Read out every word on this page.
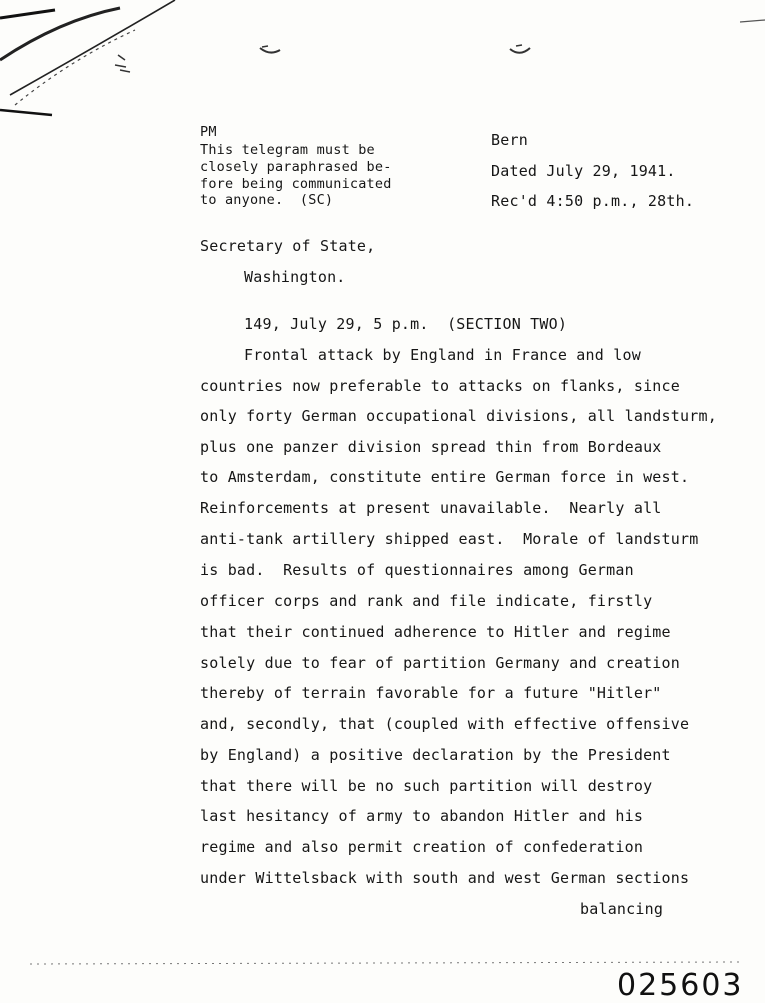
PM
This telegram must be
closely paraphrased be-
fore being communicated
to anyone.  (SC)
Bern
Dated July 29, 1941.
Rec'd 4:50 p.m., 28th.
Secretary of State,
Washington.
149, July 29, 5 p.m.  (SECTION TWO)
Frontal attack by England in France and low
countries now preferable to attacks on flanks, since
only forty German occupational divisions, all landsturm,
plus one panzer division spread thin from Bordeaux
to Amsterdam, constitute entire German force in west.
Reinforcements at present unavailable.  Nearly all
anti-tank artillery shipped east.  Morale of landsturm
is bad.  Results of questionnaires among German
officer corps and rank and file indicate, firstly
that their continued adherence to Hitler and regime
solely due to fear of partition Germany and creation
thereby of terrain favorable for a future "Hitler"
and, secondly, that (coupled with effective offensive
by England) a positive declaration by the President
that there will be no such partition will destroy
last hesitancy of army to abandon Hitler and his
regime and also permit creation of confederation
under Wittelsback with south and west German sections
balancing
025603
